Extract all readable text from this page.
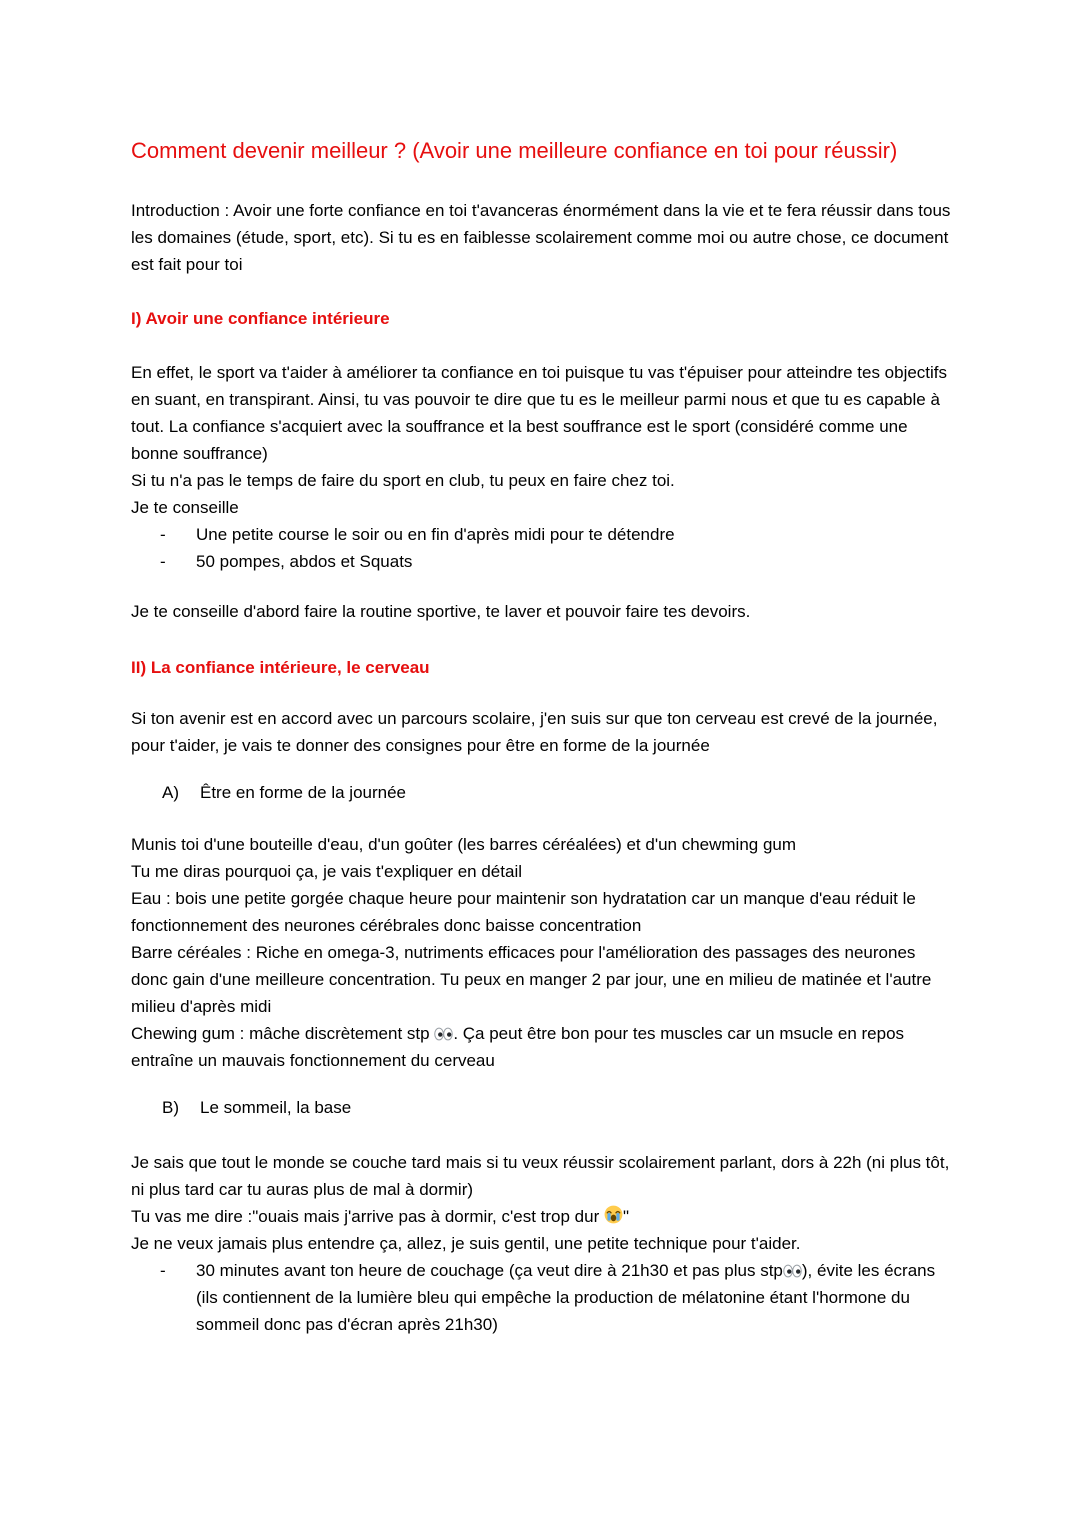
Comment devenir meilleur ? (Avoir une meilleure confiance en toi pour réussir)

Introduction : Avoir une forte confiance en toi t'avanceras énormément dans la vie et te fera réussir dans tous les domaines (étude, sport, etc). Si tu es en faiblesse scolairement comme moi ou autre chose, ce document est fait pour toi

I) Avoir une confiance intérieure
En effet, le sport va t'aider à améliorer ta confiance en toi puisque tu vas t'épuiser pour atteindre tes objectifs en suant, en transpirant. Ainsi, tu vas pouvoir te dire que tu es le meilleur parmi nous et que tu es capable à tout. La confiance s'acquiert avec la souffrance et la best souffrance est le sport (considéré comme une bonne souffrance)
Si tu n'a pas le temps de faire du sport en club, tu peux en faire chez toi.
Je te conseille
-	Une petite course le soir ou en fin d'après midi pour te détendre
-	50 pompes, abdos et Squats

Je te conseille d'abord faire la routine sportive, te laver et pouvoir faire tes devoirs.

II) La confiance intérieure, le cerveau

Si ton avenir est en accord avec un parcours scolaire, j'en suis sur que ton cerveau est crevé de la journée, pour t'aider, je vais te donner des consignes pour être en forme de la journée

A)	Être en forme de la journée
Munis toi d'une bouteille d'eau, d'un goûter (les barres céréalées) et d'un chewming gum
Tu me diras pourquoi ça, je vais t'expliquer en détail
Eau : bois une petite gorgée chaque heure pour maintenir son hydratation car un manque d'eau réduit le fonctionnement des neurones cérébrales donc baisse concentration
Barre céréales : Riche en omega-3, nutriments efficaces pour l'amélioration des passages des neurones donc gain d'une meilleure concentration. Tu peux en manger 2 par jour, une en milieu de matinée et l'autre milieu d'après midi
Chewing gum : mâche discrètement stp . Ça peut être bon pour tes muscles car un msucle en repos entraîne un mauvais fonctionnement du cerveau
B)	Le sommeil, la base
Je sais que tout le monde se couche tard mais si tu veux réussir scolairement parlant, dors à 22h (ni plus tôt, ni plus tard car tu auras plus de mal à dormir)
Tu vas me dire :"ouais mais j'arrive pas à dormir, c'est trop dur "
Je ne veux jamais plus entendre ça, allez, je suis gentil, une petite technique pour t'aider.
-	30 minutes avant ton heure de couchage (ça veut dire à 21h30 et pas plus stp ), évite les écrans (ils contiennent de la lumière bleu qui empêche la production de mélatonine étant l'hormone du sommeil donc pas d'écran après 21h30)
